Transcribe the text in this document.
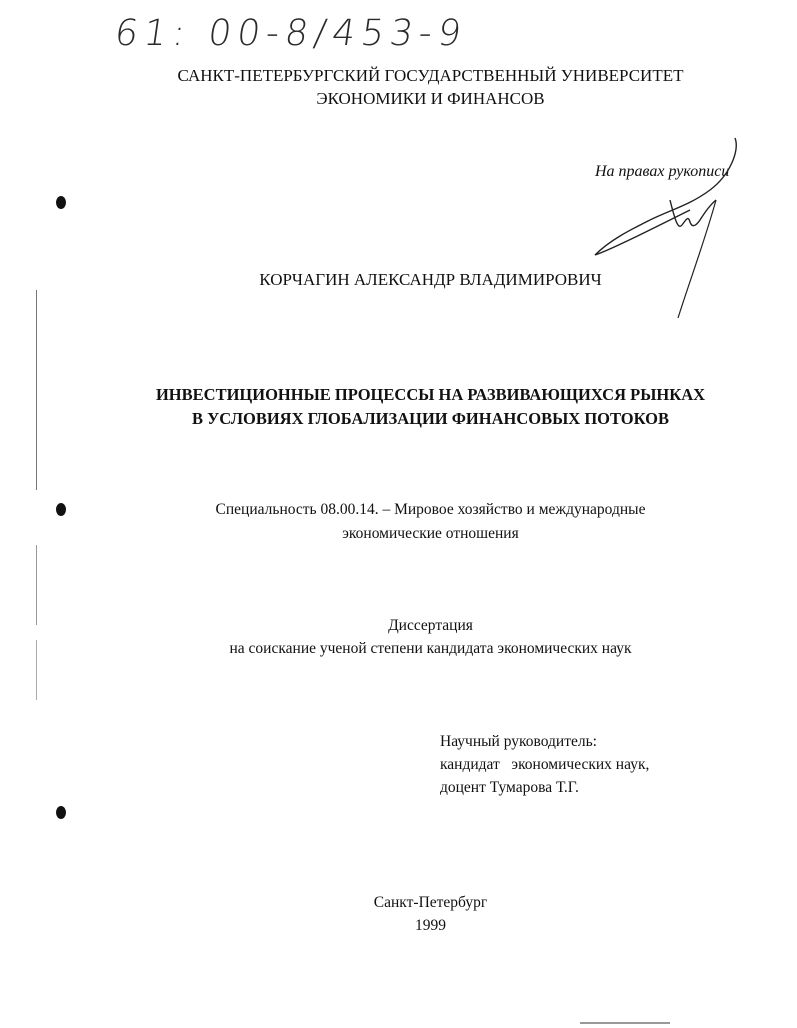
61: 00-8/453-9
САНКТ-ПЕТЕРБУРГСКИЙ ГОСУДАРСТВЕННЫЙ УНИВЕРСИТЕТ
ЭКОНОМИКИ И ФИНАНСОВ
На правах рукописи
КОРЧАГИН АЛЕКСАНДР ВЛАДИМИРОВИЧ
ИНВЕСТИЦИОННЫЕ ПРОЦЕССЫ НА РАЗВИВАЮЩИХСЯ РЫНКАХ
В УСЛОВИЯХ ГЛОБАЛИЗАЦИИ ФИНАНСОВЫХ ПОТОКОВ
Специальность 08.00.14. – Мировое хозяйство и международные
экономические отношения
Диссертация
на соискание ученой степени кандидата экономических наук
Научный руководитель:
кандидат   экономических наук,
доцент Тумарова Т.Г.
Санкт-Петербург
1999
